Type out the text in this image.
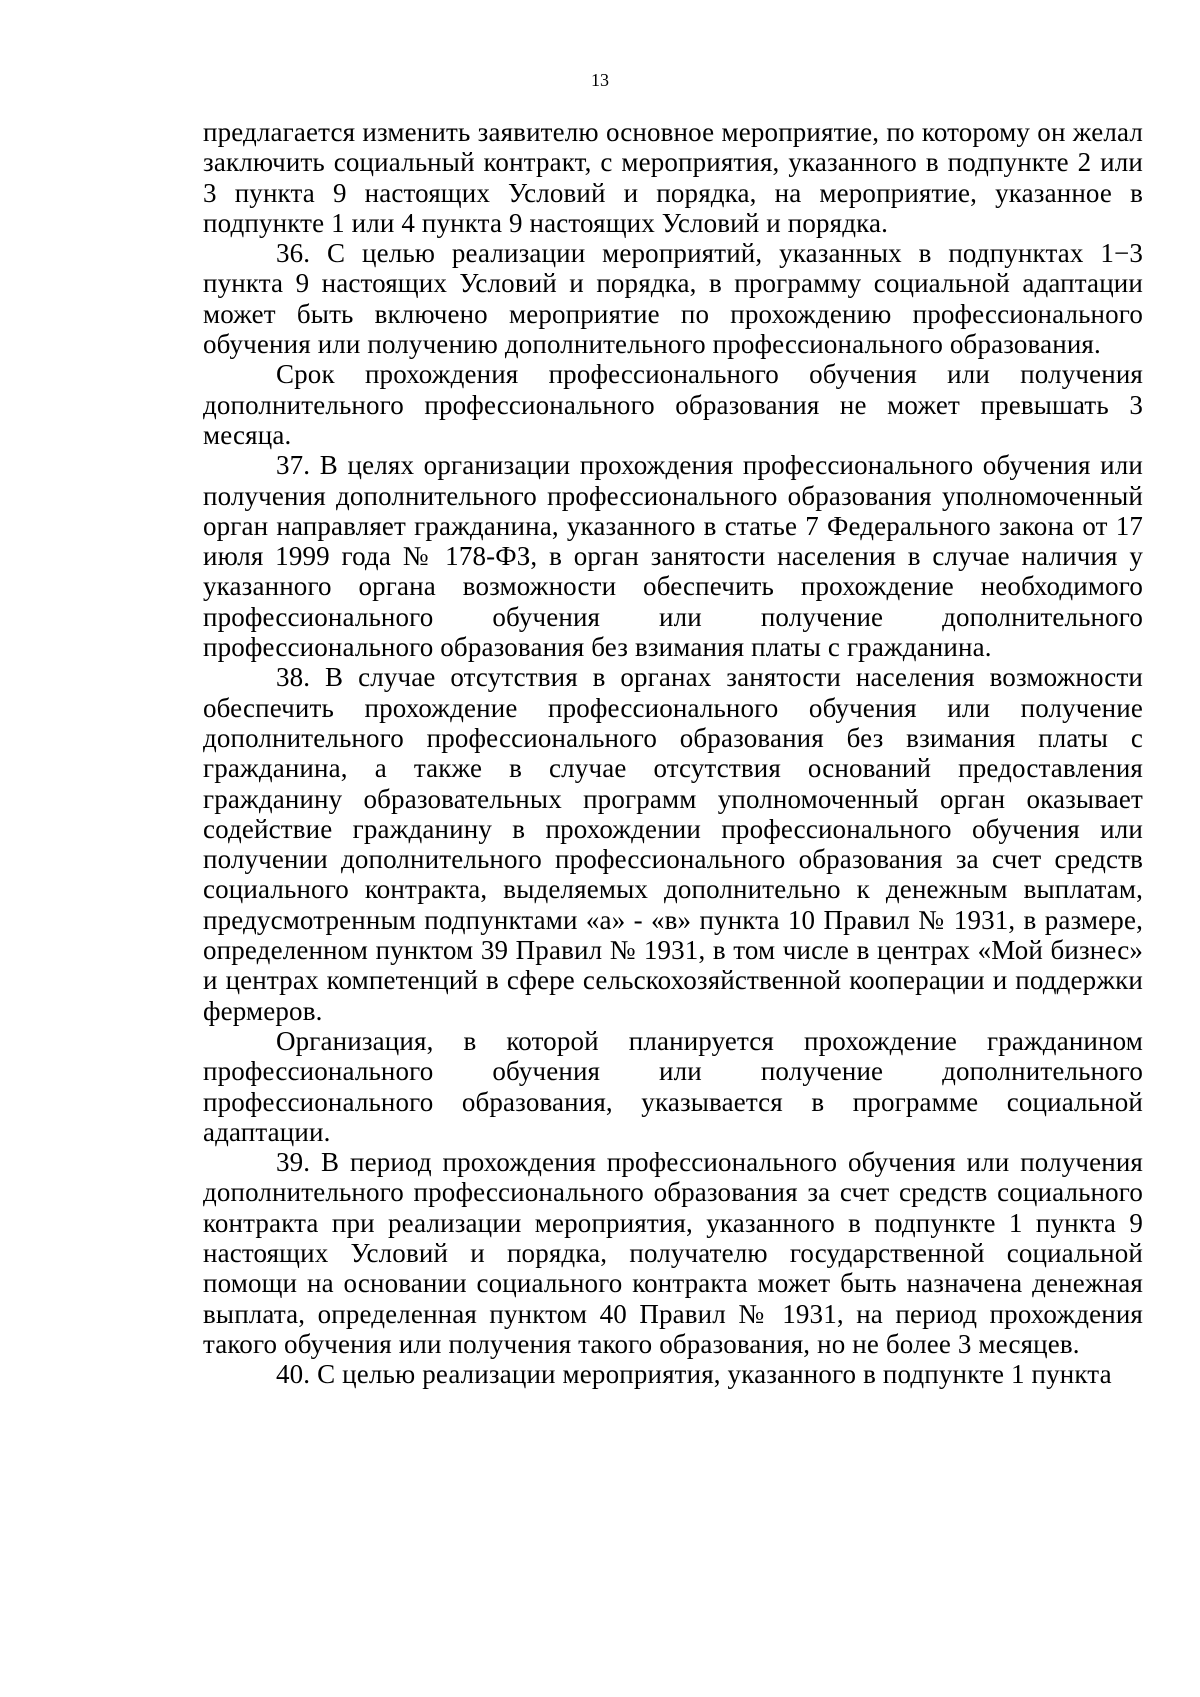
13

предлагается изменить заявителю основное мероприятие, по которому он желал заключить социальный контракт, с мероприятия, указанного в подпункте 2 или 3 пункта 9 настоящих Условий и порядка, на мероприятие, указанное в подпункте 1 или 4 пункта 9 настоящих Условий и порядка.

36. С целью реализации мероприятий, указанных в подпунктах 1−3 пункта 9 настоящих Условий и порядка, в программу социальной адаптации может быть включено мероприятие по прохождению профессионального обучения или получению дополнительного профессионального образования.

Срок прохождения профессионального обучения или получения дополнительного профессионального образования не может превышать 3 месяца.

37. В целях организации прохождения профессионального обучения или получения дополнительного профессионального образования уполномоченный орган направляет гражданина, указанного в статье 7 Федерального закона от 17 июля 1999 года № 178-ФЗ, в орган занятости населения в случае наличия у указанного органа возможности обеспечить прохождение необходимого профессионального обучения или получение дополнительного профессионального образования без взимания платы с гражданина.

38. В случае отсутствия в органах занятости населения возможности обеспечить прохождение профессионального обучения или получение дополнительного профессионального образования без взимания платы с гражданина, а также в случае отсутствия оснований предоставления гражданину образовательных программ уполномоченный орган оказывает содействие гражданину в прохождении профессионального обучения или получении дополнительного профессионального образования за счет средств социального контракта, выделяемых дополнительно к денежным выплатам, предусмотренным подпунктами «а» - «в» пункта 10 Правил № 1931, в размере, определенном пунктом 39 Правил № 1931, в том числе в центрах «Мой бизнес» и центрах компетенций в сфере сельскохозяйственной кооперации и поддержки фермеров.

Организация, в которой планируется прохождение гражданином профессионального обучения или получение дополнительного профессионального образования, указывается в программе социальной адаптации.

39. В период прохождения профессионального обучения или получения дополнительного профессионального образования за счет средств социального контракта при реализации мероприятия, указанного в подпункте 1 пункта 9 настоящих Условий и порядка, получателю государственной социальной помощи на основании социального контракта может быть назначена денежная выплата, определенная пунктом 40 Правил № 1931, на период прохождения такого обучения или получения такого образования, но не более 3 месяцев.

40. С целью реализации мероприятия, указанного в подпункте 1 пункта
